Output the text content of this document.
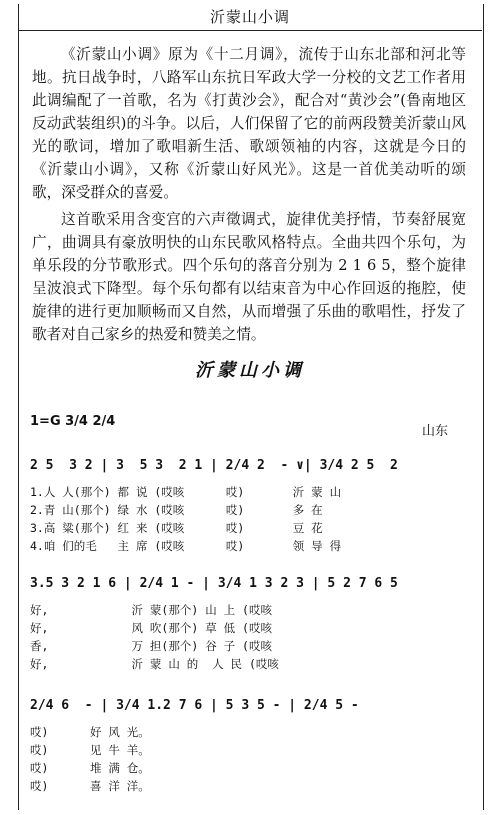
沂蒙山小调
《沂蒙山小调》原为《十二月调》，流传于山东北部和河北等地。抗日战争时，八路军山东抗日军政大学一分校的文艺工作者用此调编配了一首歌，名为《打黄沙会》，配合对“黄沙会”(鲁南地区反动武装组织)的斗争。以后，人们保留了它的前两段赞美沂蒙山风光的歌词，增加了歌唱新生活、歌颂领袖的内容，这就是今日的《沂蒙山小调》，又称《沂蒙山好风光》。这是一首优美动听的颂歌，深受群众的喜爱。
这首歌采用含变宫的六声徵调式，旋律优美抒情，节奏舒展宽广，曲调具有豪放明快的山东民歌风格特点。全曲共四个乐句，为单乐段的分节歌形式。四个乐句的落音分别为 2 1 6 5，整个旋律呈波浪式下降型。每个乐句都有以结束音为中心作回返的拖腔，使旋律的进行更加顺畅而又自然，从而增强了乐曲的歌唱性，抒发了歌者对自己家乡的热爱和赞美之情。
沂蒙山小调
1=G 3/4 2/4
山东
2 5  3 2 | 3  5 3  2 1 | 2/4 2  - ∨| 3/4 2 5  2
1.人 人(那个) 都 说 (哎咳      哎)       沂 蒙 山
2.青 山(那个) 绿 水 (哎咳      哎)       多 在
3.高 粱(那个) 红 来 (哎咳      哎)       豆 花
4.咱 们的毛   主 席 (哎咳      哎)       领 导 得
3.5 3 2 1 6 | 2/4 1 - | 3/4 1 3 2 3 | 5 2 7 6 5
好,            沂 蒙(那个) 山 上 (哎咳
好,            风 吹(那个) 草 低 (哎咳
香,            万 担(那个) 谷 子 (哎咳
好,            沂 蒙 山 的  人 民 (哎咳
2/4 6  - | 3/4 1.2 7 6 | 5 3 5 - | 2/4 5 -
哎)      好 风 光。
哎)      见 牛 羊。
哎)      堆 满 仓。
哎)      喜 洋 洋。
